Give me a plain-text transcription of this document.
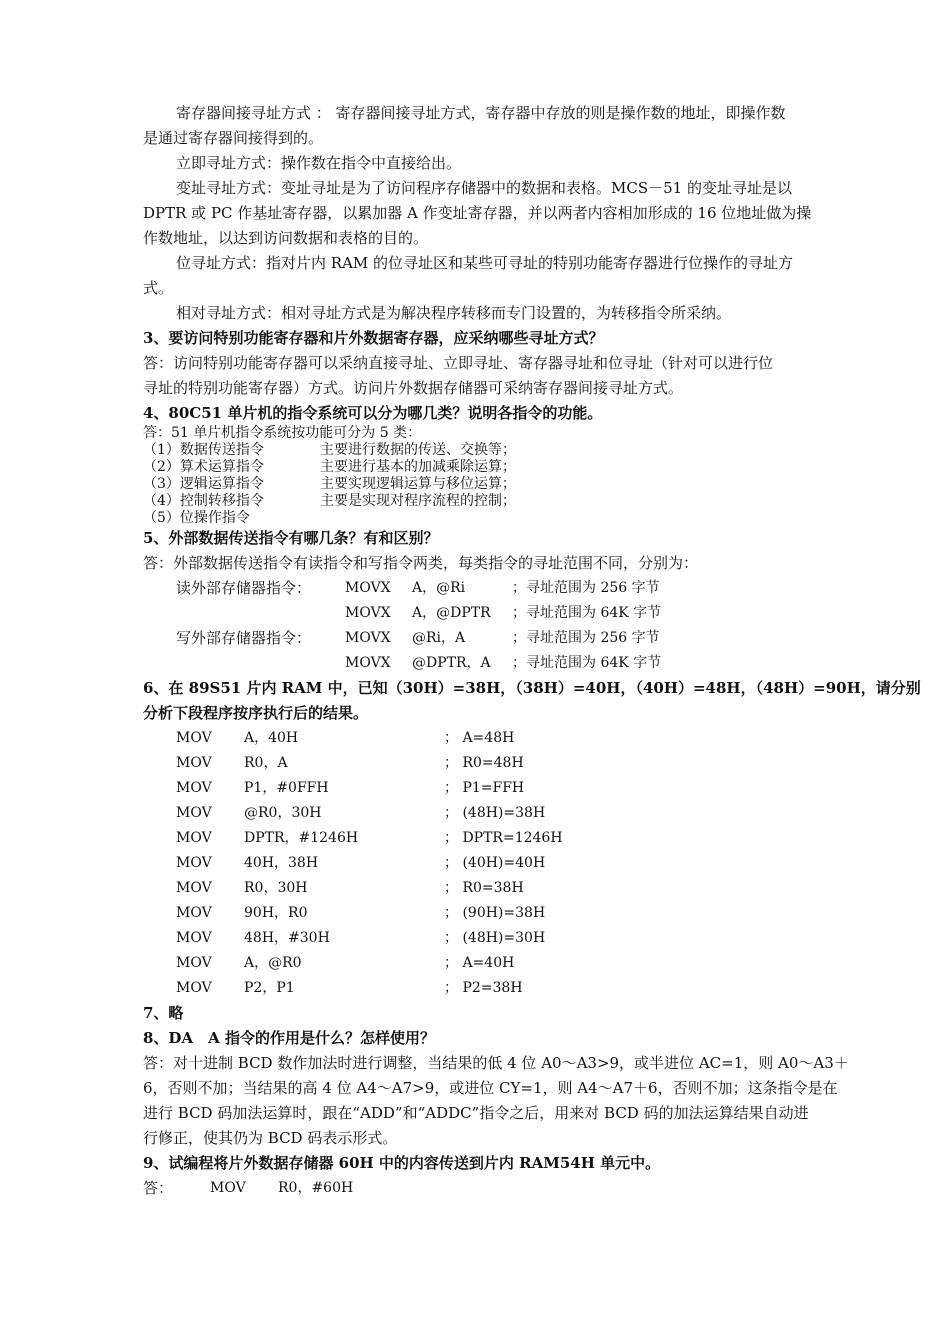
寄存器间接寻址方式 ： 寄存器间接寻址方式，寄存器中存放的则是操作数的地址，即操作数
是通过寄存器间接得到的。
立即寻址方式：操作数在指令中直接给出。
变址寻址方式：变址寻址是为了访问程序存储器中的数据和表格。MCS－51 的变址寻址是以
DPTR 或 PC 作基址寄存器，以累加器 A 作变址寄存器，并以两者内容相加形成的 16 位地址做为操
作数地址，以达到访问数据和表格的目的。
位寻址方式：指对片内 RAM 的位寻址区和某些可寻址的特别功能寄存器进行位操作的寻址方
式。
相对寻址方式：相对寻址方式是为解决程序转移而专门设置的，为转移指令所采纳。
3、要访问特别功能寄存器和片外数据寄存器，应采纳哪些寻址方式？
答：访问特别功能寄存器可以采纳直接寻址、立即寻址、寄存器寻址和位寻址（针对可以进行位
寻址的特别功能寄存器）方式。访问片外数据存储器可采纳寄存器间接寻址方式。
4、80C51 单片机的指令系统可以分为哪几类？说明各指令的功能。
答：51 单片机指令系统按功能可分为 5 类：
（1）数据传送指令	主要进行数据的传送、交换等；
（2）算术运算指令	主要进行基本的加减乘除运算；
（3）逻辑运算指令	主要实现逻辑运算与移位运算；
（4）控制转移指令	主要是实现对程序流程的控制；
（5）位操作指令
5、外部数据传送指令有哪几条？有和区别？
答：外部数据传送指令有读指令和写指令两类，每类指令的寻址范围不同，分别为：
读外部存储器指令： MOVX A，@Ri	；寻址范围为 256 字节
MOVX A，@DPTR ；寻址范围为 64K 字节
写外部存储器指令： MOVX @Ri，A	；寻址范围为 256 字节
MOVX @DPTR，A ；寻址范围为 64K 字节
6、在 89S51 片内 RAM 中，已知（30H）=38H，（38H）=40H，（40H）=48H，（48H）=90H，请分别
分析下段程序按序执行后的结果。
MOV A，40H	； A=48H
MOV R0，A	； R0=48H
MOV P1，#0FFH	； P1=FFH
MOV @R0，30H	； (48H)=38H
MOV DPTR，#1246H	； DPTR=1246H
MOV 40H，38H	； (40H)=40H
MOV R0，30H	； R0=38H
MOV 90H，R0	； (90H)=38H
MOV 48H，#30H	； (48H)=30H
MOV A，@R0	； A=40H
MOV P2，P1	； P2=38H
7、略
8、DA　A 指令的作用是什么？怎样使用？
答：对十进制 BCD 数作加法时进行调整，当结果的低 4 位 A0～A3>9，或半进位 AC=1，则 A0～A3＋
6，否则不加；当结果的高 4 位 A4～A7>9，或进位 CY=1，则 A4～A7＋6，否则不加；这条指令是在
进行 BCD 码加法运算时，跟在“ADD”和“ADDC”指令之后，用来对 BCD 码的加法运算结果自动进
行修正，使其仍为 BCD 码表示形式。
9、试编程将片外数据存储器 60H 中的内容传送到片内 RAM54H 单元中。
答：	MOV R0，#60H
